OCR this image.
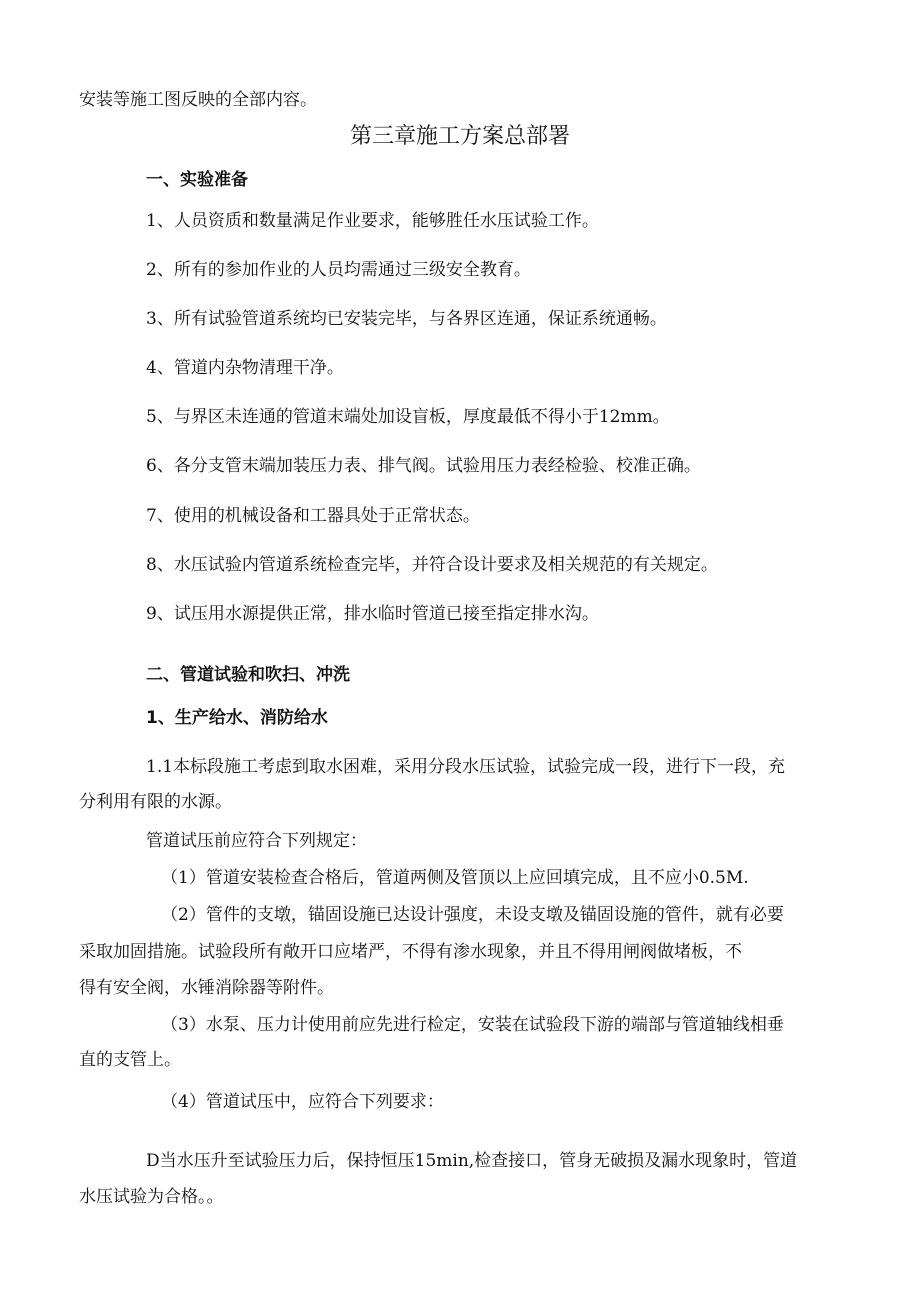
安装等施工图反映的全部内容。
第三章施工方案总部署
一、实验准备
1、人员资质和数量满足作业要求，能够胜任水压试验工作。
2、所有的参加作业的人员均需通过三级安全教育。
3、所有试验管道系统均已安装完毕，与各界区连通，保证系统通畅。
4、管道内杂物清理干净。
5、与界区未连通的管道末端处加设盲板，厚度最低不得小于12mm。
6、各分支管末端加装压力表、排气阀。试验用压力表经检验、校准正确。
7、使用的机械设备和工器具处于正常状态。
8、水压试验内管道系统检查完毕，并符合设计要求及相关规范的有关规定。
9、试压用水源提供正常，排水临时管道已接至指定排水沟。
二、管道试验和吹扫、冲洗
1、生产给水、消防给水
1.1本标段施工考虑到取水困难，采用分段水压试验，试验完成一段，进行下一段，充
分利用有限的水源。
管道试压前应符合下列规定：
（1）管道安装检查合格后，管道两侧及管顶以上应回填完成，且不应小0.5M.
（2）管件的支墩，锚固设施已达设计强度，未设支墩及锚固设施的管件，就有必要
采取加固措施。试验段所有敞开口应堵严，不得有渗水现象，并且不得用闸阀做堵板，不
得有安全阀，水锤消除器等附件。
（3）水泵、压力计使用前应先进行检定，安装在试验段下游的端部与管道轴线相垂
直的支管上。
（4）管道试压中，应符合下列要求：
D当水压升至试验压力后，保持恒压15min,检查接口，管身无破损及漏水现象时，管道
水压试验为合格。。
